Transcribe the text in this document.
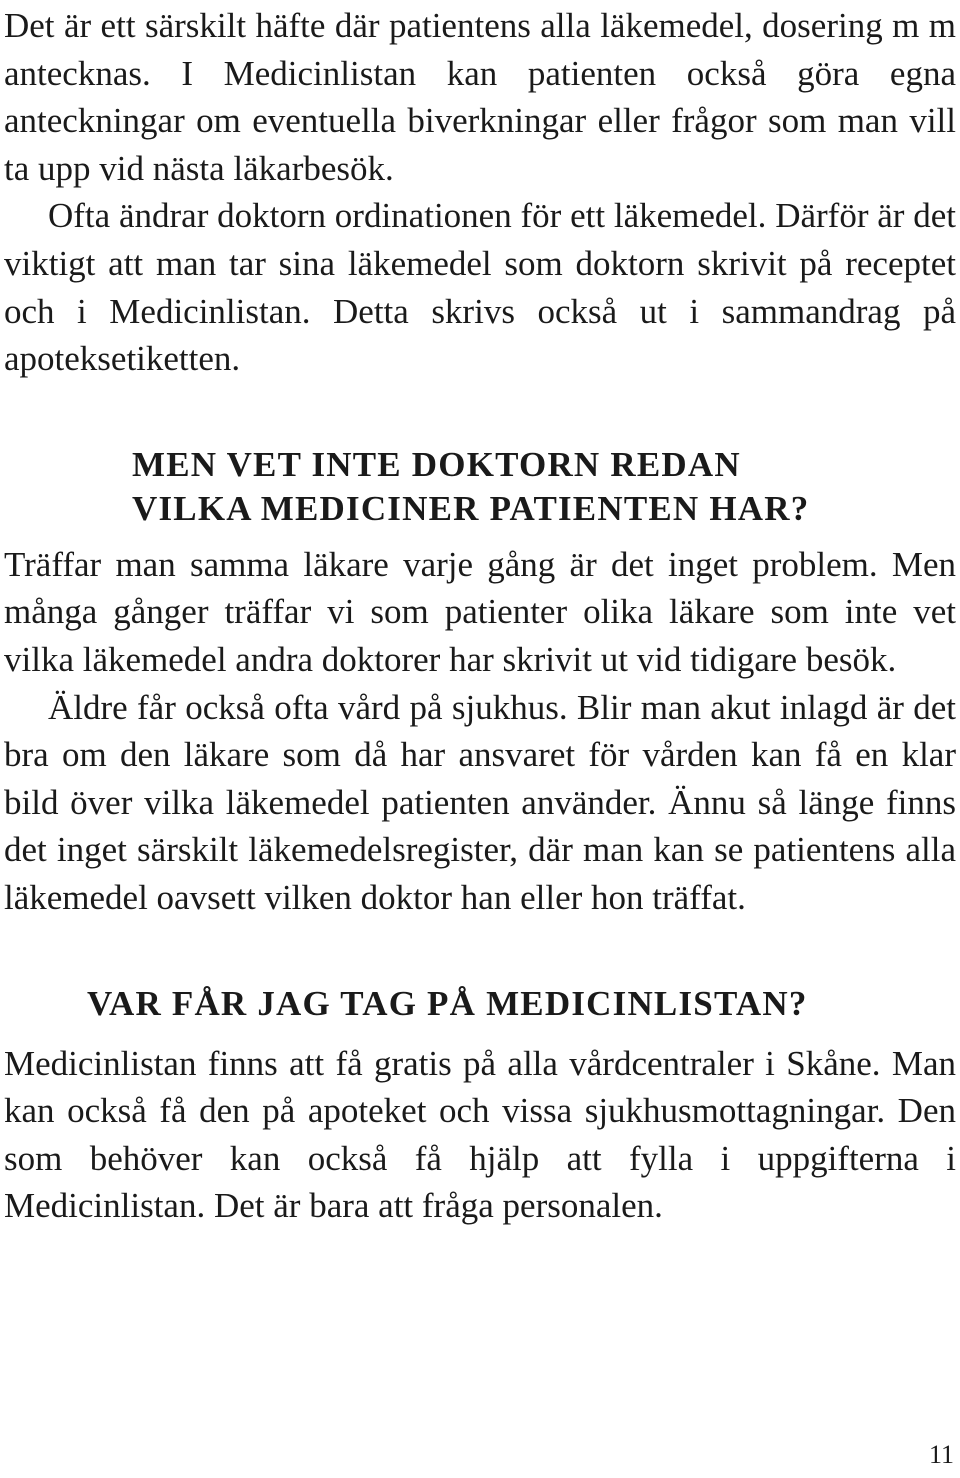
Det är ett särskilt häfte där patientens alla läkemedel, dosering m m antecknas. I Medicinlistan kan patienten också göra egna anteckningar om eventuella biverkningar eller frågor som man vill ta upp vid nästa läkarbesök.

Ofta ändrar doktorn ordinationen för ett läkemedel. Därför är det viktigt att man tar sina läkemedel som doktorn skrivit på receptet och i Medicinlistan. Detta skrivs också ut i sammandrag på apoteksetiketten.

MEN VET INTE DOKTORN REDAN
VILKA MEDICINER PATIENTEN HAR?

Träffar man samma läkare varje gång är det inget problem. Men många gånger träffar vi som patienter olika läkare som inte vet vilka läkemedel andra doktorer har skrivit ut vid tidigare besök.

Äldre får också ofta vård på sjukhus. Blir man akut inlagd är det bra om den läkare som då har ansvaret för vården kan få en klar bild över vilka läkemedel patienten använder. Ännu så länge finns det inget särskilt läkemedelsregister, där man kan se patientens alla läkemedel oavsett vilken doktor han eller hon träffat.

VAR FÅR JAG TAG PÅ MEDICINLISTAN?

Medicinlistan finns att få gratis på alla vårdcentraler i Skåne. Man kan också få den på apoteket och vissa sjukhusmottagningar. Den som behöver kan också få hjälp att fylla i uppgifterna i Medicinlistan. Det är bara att fråga personalen.

11
